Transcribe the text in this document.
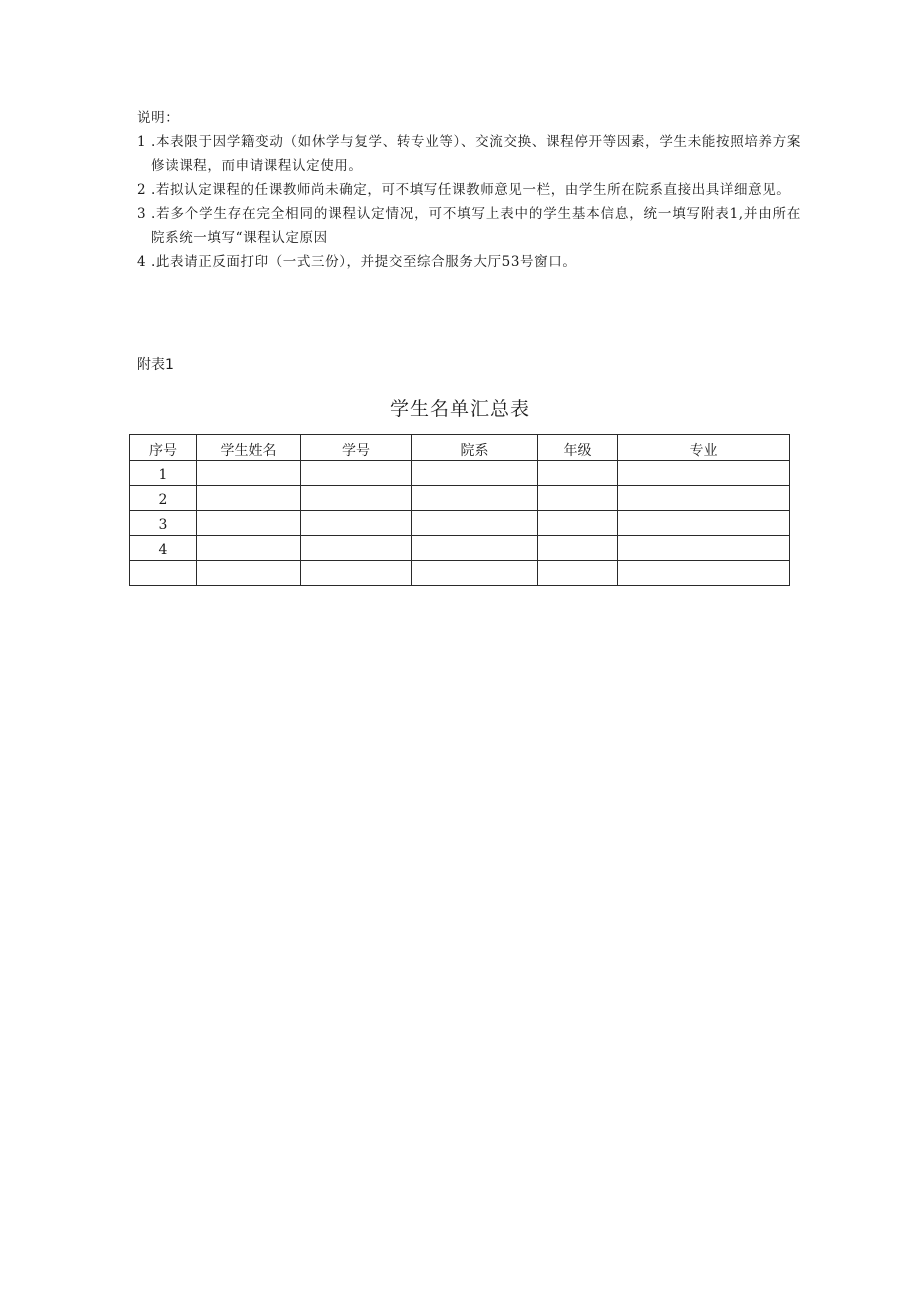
说明：

1 .本表限于因学籍变动（如休学与复学、转专业等）、交流交换、课程停开等因素，学生未能按照培养方案修读课程，而申请课程认定使用。

2 .若拟认定课程的任课教师尚未确定，可不填写任课教师意见一栏，由学生所在院系直接出具详细意见。

3 .若多个学生存在完全相同的课程认定情况，可不填写上表中的学生基本信息，统一填写附表1,并由所在院系统一填写“课程认定原因

4 .此表请正反面打印（一式三份），并提交至综合服务大厅53号窗口。

附表1
学生名单汇总表
序号	学生姓名	学号	院系	年级	专业
1					
2					
3					
4					
